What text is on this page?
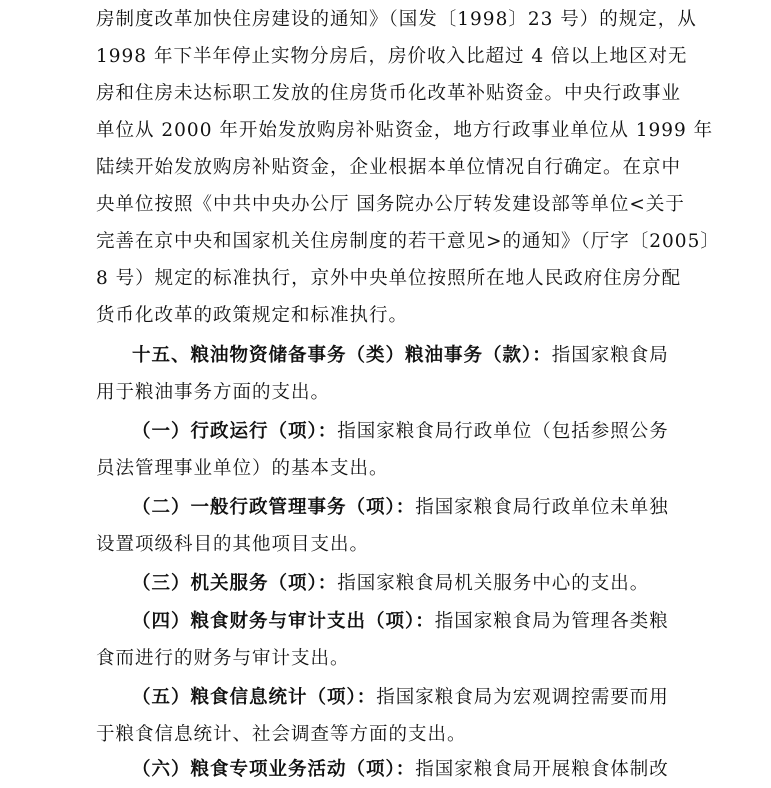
房制度改革加快住房建设的通知》（国发〔1998〕23 号）的规定，从
1998 年下半年停止实物分房后，房价收入比超过 4 倍以上地区对无
房和住房未达标职工发放的住房货币化改革补贴资金。中央行政事业
单位从 2000 年开始发放购房补贴资金，地方行政事业单位从 1999 年
陆续开始发放购房补贴资金，企业根据本单位情况自行确定。在京中
央单位按照《中共中央办公厅 国务院办公厅转发建设部等单位<关于
完善在京中央和国家机关住房制度的若干意见>的通知》（厅字〔2005〕
8 号）规定的标准执行，京外中央单位按照所在地人民政府住房分配
货币化改革的政策规定和标准执行。
十五、粮油物资储备事务（类）粮油事务（款）：指国家粮食局
用于粮油事务方面的支出。
（一）行政运行（项）：指国家粮食局行政单位（包括参照公务
员法管理事业单位）的基本支出。
（二）一般行政管理事务（项）：指国家粮食局行政单位未单独
设置项级科目的其他项目支出。
（三）机关服务（项）：指国家粮食局机关服务中心的支出。
（四）粮食财务与审计支出（项）：指国家粮食局为管理各类粮
食而进行的财务与审计支出。
（五）粮食信息统计（项）：指国家粮食局为宏观调控需要而用
于粮食信息统计、社会调查等方面的支出。
（六）粮食专项业务活动（项）：指国家粮食局开展粮食体制改
